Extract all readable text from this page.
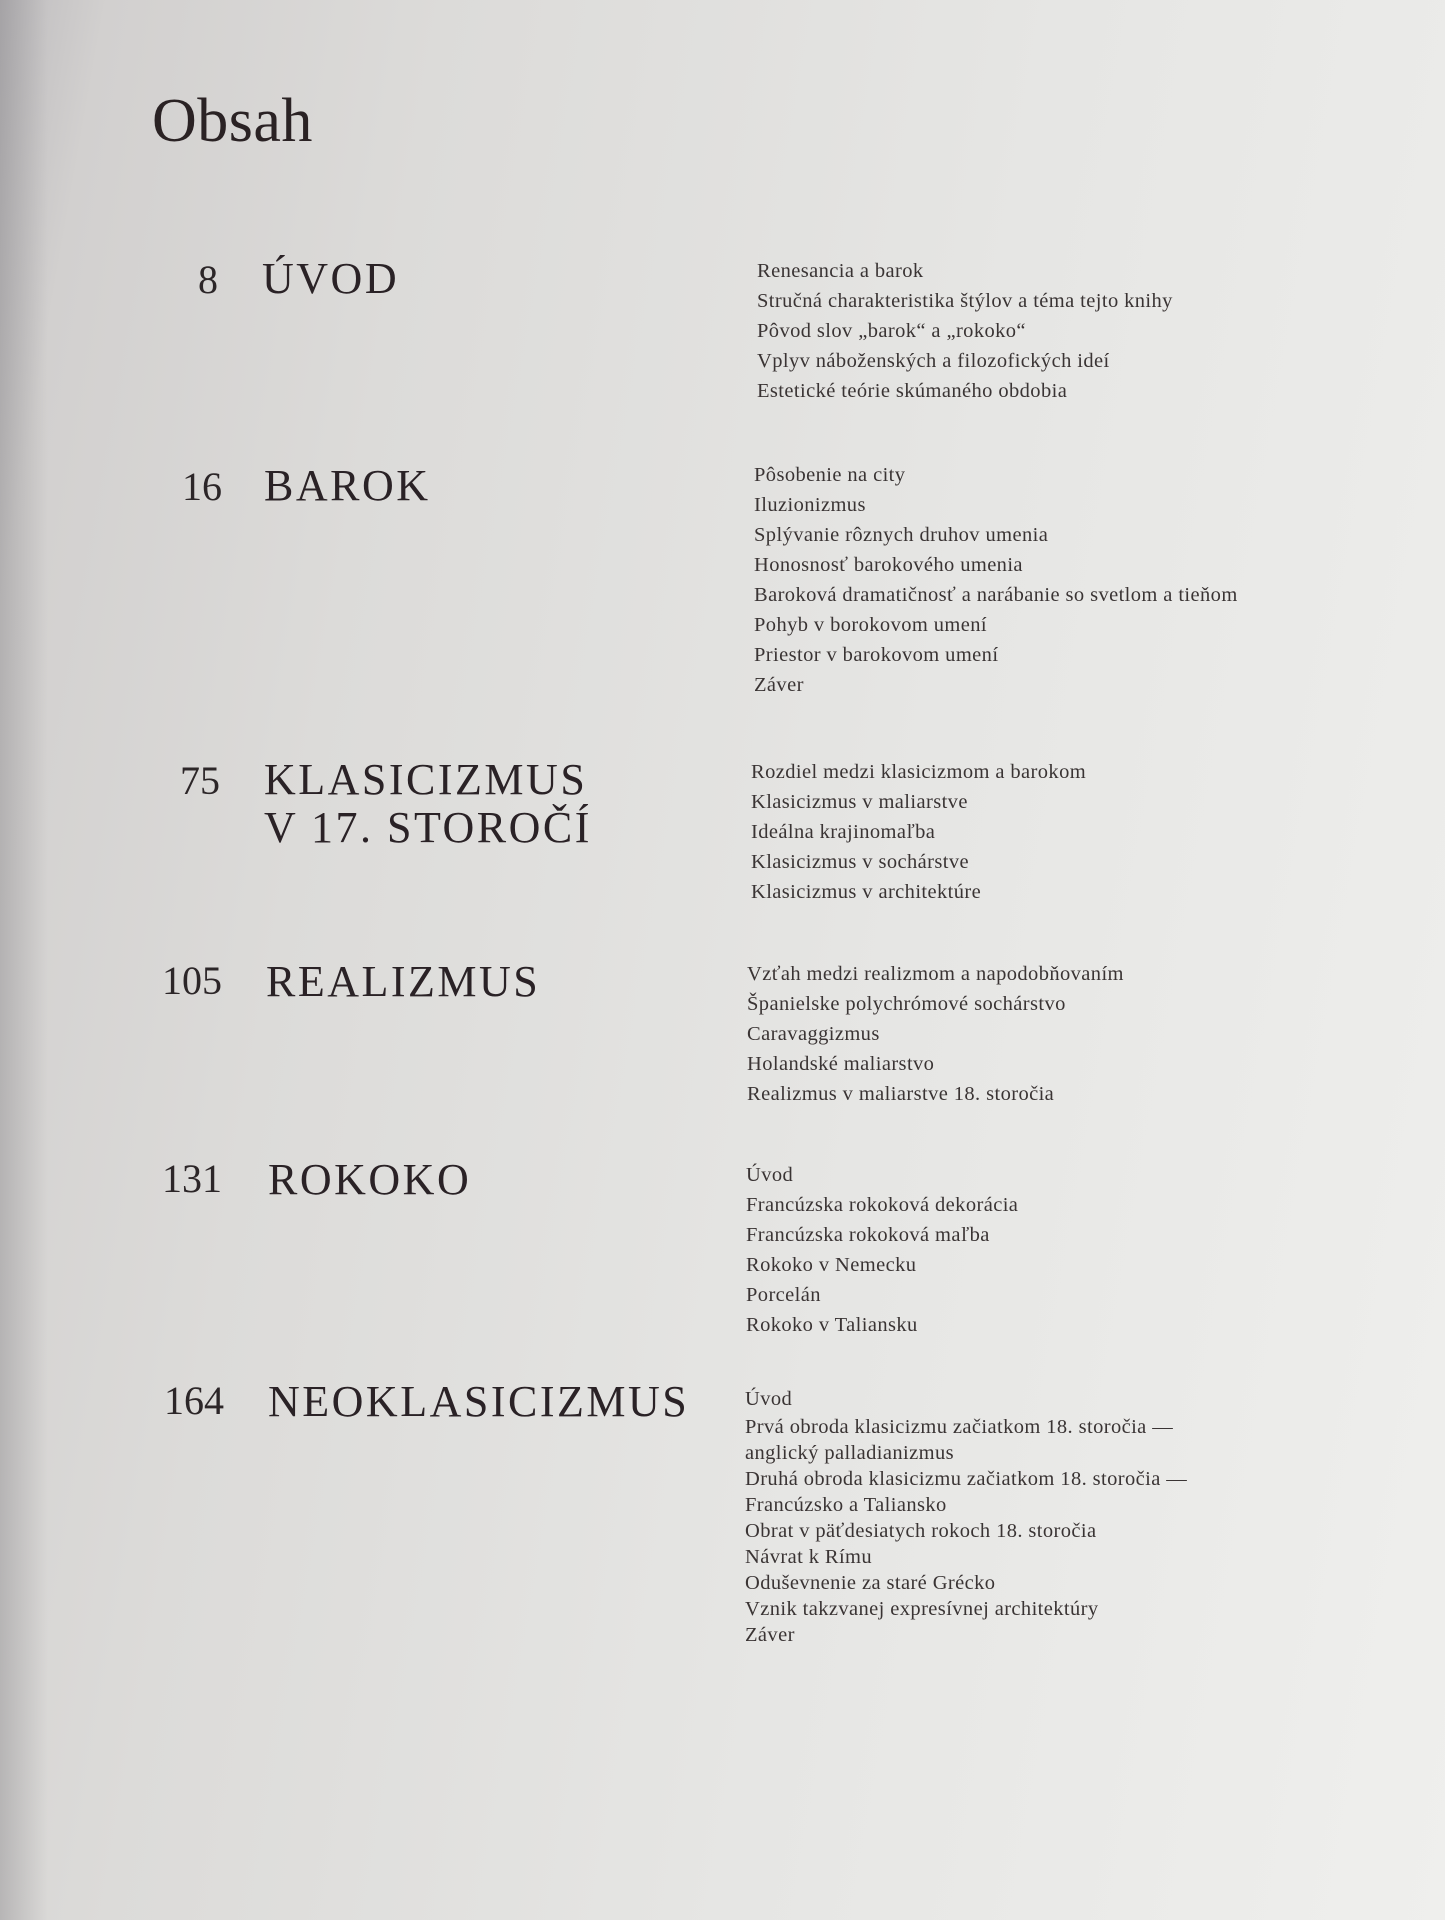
Obsah
8 ÚVOD	Renesancia a barok
Stručná charakteristika štýlov a téma tejto knihy
Pôvod slov „barok“ a „rokoko“
Vplyv náboženských a filozofických ideí
Estetické teórie skúmaného obdobia
16 BAROK	Pôsobenie na city
Iluzionizmus
Splývanie rôznych druhov umenia
Honosnosť barokového umenia
Baroková dramatičnosť a narábanie so svetlom a tieňom
Pohyb v borokovom umení
Priestor v barokovom umení
Záver
75 KLASICIZMUS
V 17. STOROČÍ
Rozdiel medzi klasicizmom a barokom
Klasicizmus v maliarstve
Ideálna krajinomaľba
Klasicizmus v sochárstve
Klasicizmus v architektúre
105 REALIZMUS	Vzťah medzi realizmom a napodobňovaním
Španielske polychrómové sochárstvo
Caravaggizmus
Holandské maliarstvo
Realizmus v maliarstve 18. storočia
131 ROKOKO	Úvod
Francúzska rokoková dekorácia
Francúzska rokoková maľba
Rokoko v Nemecku
Porcelán
Rokoko v Taliansku
164 NEOKLASICIZMUS	Úvod
Prvá obroda klasicizmu začiatkom 18. storočia —
anglický palladianizmus
Druhá obroda klasicizmu začiatkom 18. storočia —
Francúzsko a Taliansko
Obrat v päťdesiatych rokoch 18. storočia
Návrat k Rímu
Oduševnenie za staré Grécko
Vznik takzvanej expresívnej architektúry
Záver
